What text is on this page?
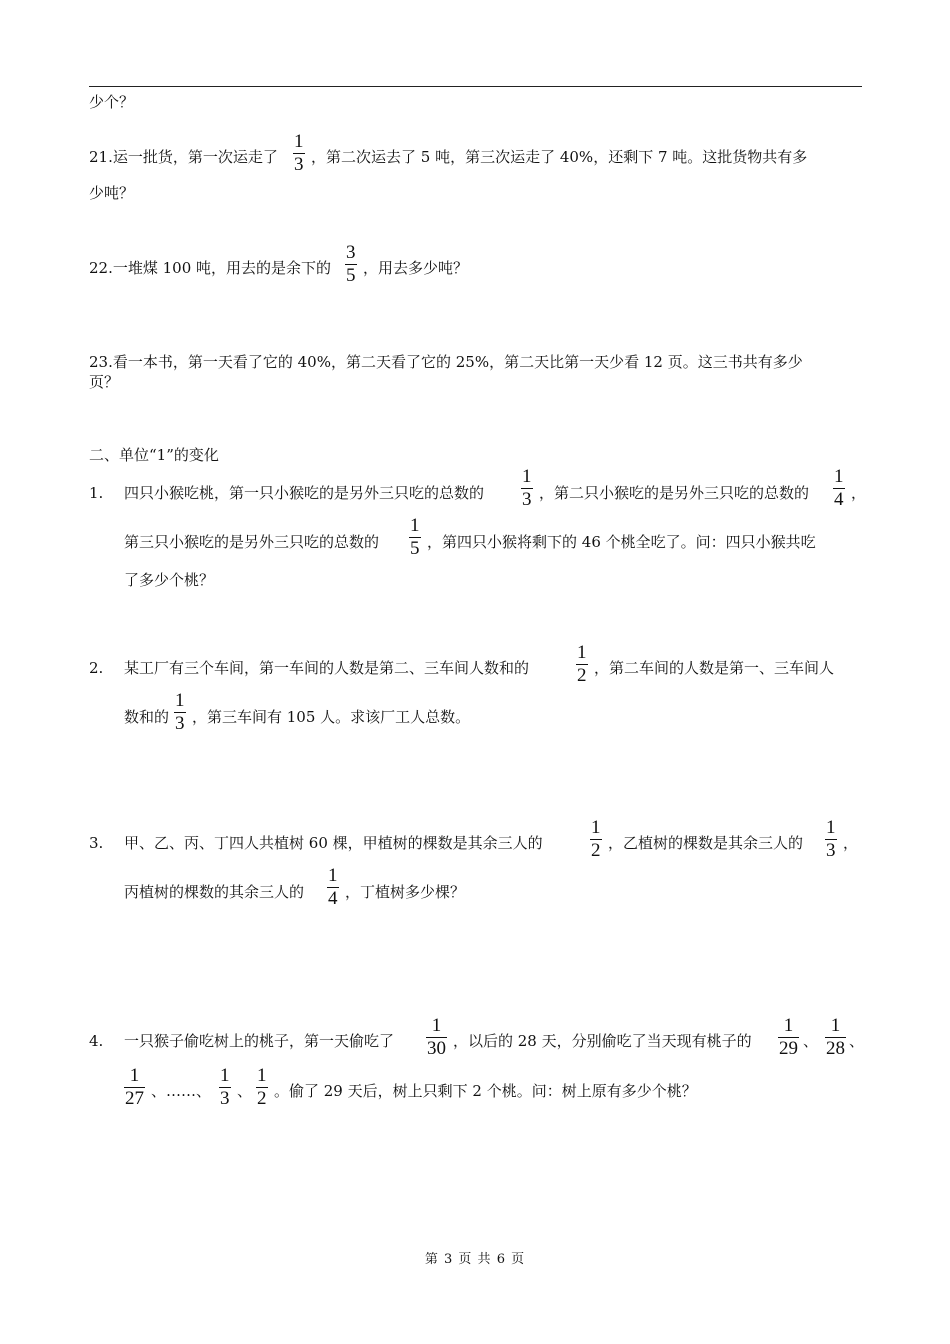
少个？
21.运一批货，第一次运走了 $\frac{1}{3}$ ，第二次运去了 5 吨，第三次运走了 40%，还剩下 7 吨。这批货物共有多
少吨？
22.一堆煤 100 吨，用去的是余下的 $\frac{3}{5}$ ，用去多少吨？
23.看一本书，第一天看了它的 40%，第二天看了它的 25%，第二天比第一天少看 12 页。这三书共有多少
页？
二、单位“1”的变化
1. 四只小猴吃桃，第一只小猴吃的是另外三只吃的总数的 $\frac{1}{3}$ ，第二只小猴吃的是另外三只吃的总数的 $\frac{1}{4}$ ，
第三只小猴吃的是另外三只吃的总数的 $\frac{1}{5}$ ，第四只小猴将剩下的 46 个桃全吃了。问：四只小猴共吃
了多少个桃？
2. 某工厂有三个车间，第一车间的人数是第二、三车间人数和的 $\frac{1}{2}$ ，第二车间的人数是第一、三车间人
数和的 $\frac{1}{3}$ ，第三车间有 105 人。求该厂工人总数。
3. 甲、乙、丙、丁四人共植树 60 棵，甲植树的棵数是其余三人的 $\frac{1}{2}$ ，乙植树的棵数是其余三人的 $\frac{1}{3}$ ，
丙植树的棵数的其余三人的 $\frac{1}{4}$ ，丁植树多少棵？
4. 一只猴子偷吃树上的桃子，第一天偷吃了 $\frac{1}{30}$ ，以后的 28 天，分别偷吃了当天现有桃子的 $\frac{1}{29}$ 、 $\frac{1}{28}$ 、
$\frac{1}{27}$ 、……、 $\frac{1}{3}$ 、 $\frac{1}{2}$ 。偷了 29 天后，树上只剩下 2 个桃。问：树上原有多少个桃？
第 3 页 共 6 页
